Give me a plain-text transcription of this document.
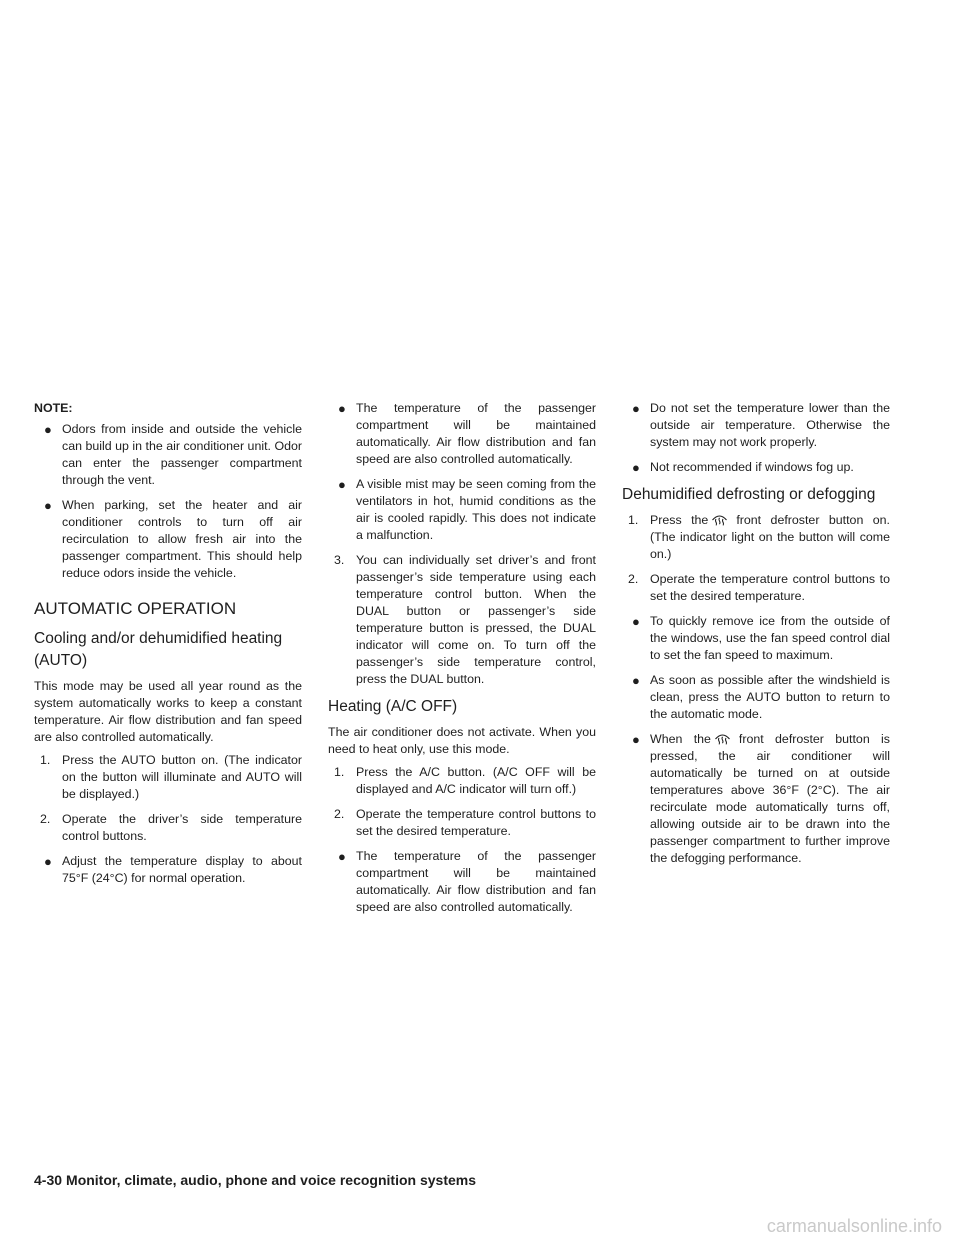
NOTE:
● Odors from inside and outside the vehicle can build up in the air conditioner unit. Odor can enter the passenger compartment through the vent.
● When parking, set the heater and air conditioner controls to turn off air recirculation to allow fresh air into the passenger compartment. This should help reduce odors inside the vehicle.
AUTOMATIC OPERATION
Cooling and/or dehumidified heating (AUTO)
This mode may be used all year round as the system automatically works to keep a constant temperature. Air flow distribution and fan speed are also controlled automatically.
1. Press the AUTO button on. (The indicator on the button will illuminate and AUTO will be displayed.)
2. Operate the driver’s side temperature control buttons.
● Adjust the temperature display to about 75°F (24°C) for normal operation.
● The temperature of the passenger compartment will be maintained automatically. Air flow distribution and fan speed are also controlled automatically.
● A visible mist may be seen coming from the ventilators in hot, humid conditions as the air is cooled rapidly. This does not indicate a malfunction.
3. You can individually set driver’s and front passenger’s side temperature using each temperature control button. When the DUAL button or passenger’s side temperature button is pressed, the DUAL indicator will come on. To turn off the passenger’s side temperature control, press the DUAL button.
Heating (A/C OFF)
The air conditioner does not activate. When you need to heat only, use this mode.
1. Press the A/C button. (A/C OFF will be displayed and A/C indicator will turn off.)
2. Operate the temperature control buttons to set the desired temperature.
● The temperature of the passenger compartment will be maintained automatically. Air flow distribution and fan speed are also controlled automatically.
● Do not set the temperature lower than the outside air temperature. Otherwise the system may not work properly.
● Not recommended if windows fog up.
Dehumidified defrosting or defogging
1. Press the front defroster button on. (The indicator light on the button will come on.)
2. Operate the temperature control buttons to set the desired temperature.
● To quickly remove ice from the outside of the windows, use the fan speed control dial to set the fan speed to maximum.
● As soon as possible after the windshield is clean, press the AUTO button to return to the automatic mode.
● When the front defroster button is pressed, the air conditioner will automatically be turned on at outside temperatures above 36°F (2°C). The air recirculate mode automatically turns off, allowing outside air to be drawn into the passenger compartment to further improve the defogging performance.
4-30 Monitor, climate, audio, phone and voice recognition systems
carmanualsonline.info
